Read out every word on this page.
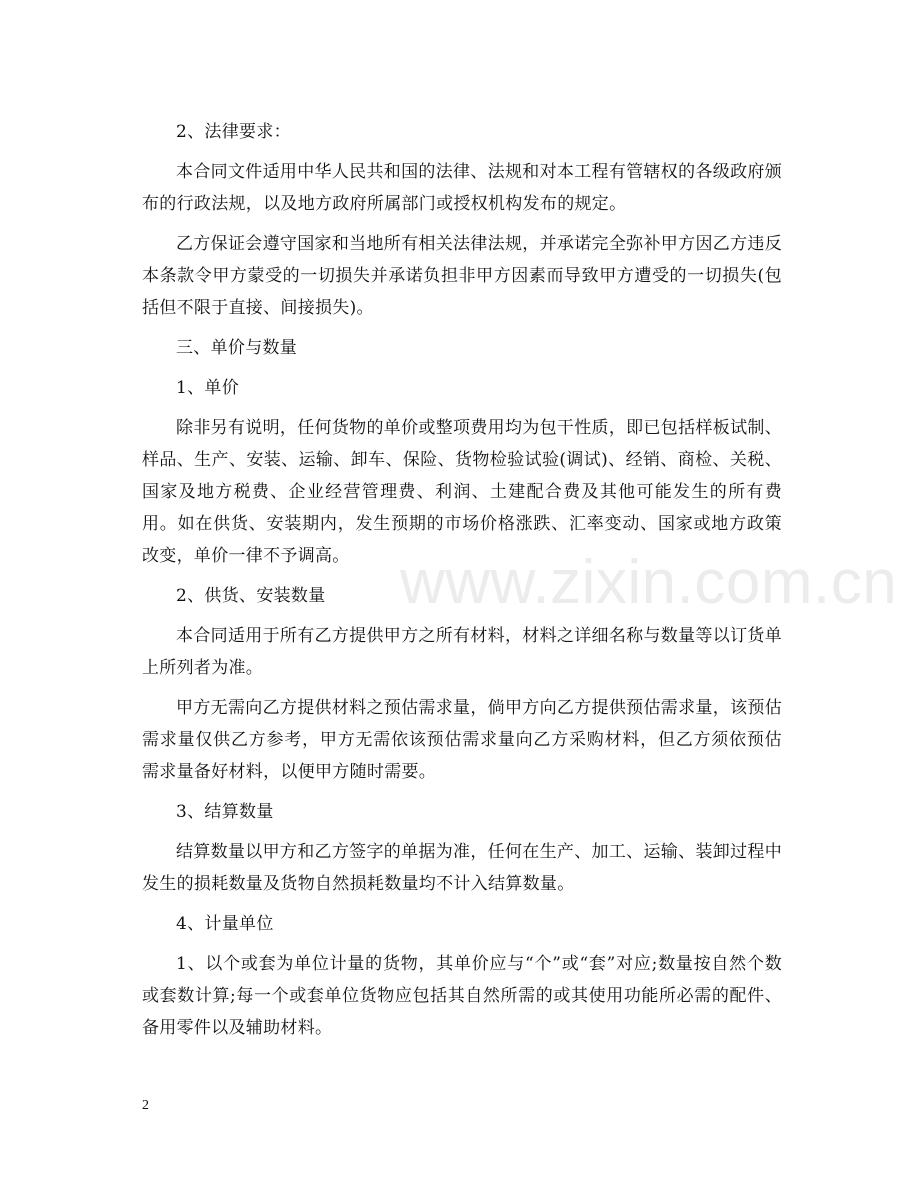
2、法律要求：

本合同文件适用中华人民共和国的法律、法规和对本工程有管辖权的各级政府颁布的行政法规，以及地方政府所属部门或授权机构发布的规定。

乙方保证会遵守国家和当地所有相关法律法规，并承诺完全弥补甲方因乙方违反本条款令甲方蒙受的一切损失并承诺负担非甲方因素而导致甲方遭受的一切损失(包括但不限于直接、间接损失)。

三、单价与数量

1、单价

除非另有说明，任何货物的单价或整项费用均为包干性质，即已包括样板试制、样品、生产、安装、运输、卸车、保险、货物检验试验(调试)、经销、商检、关税、国家及地方税费、企业经营管理费、利润、土建配合费及其他可能发生的所有费用。如在供货、安装期内，发生预期的市场价格涨跌、汇率变动、国家或地方政策改变，单价一律不予调高。

2、供货、安装数量

本合同适用于所有乙方提供甲方之所有材料，材料之详细名称与数量等以订货单上所列者为准。

甲方无需向乙方提供材料之预估需求量，倘甲方向乙方提供预估需求量，该预估需求量仅供乙方参考，甲方无需依该预估需求量向乙方采购材料，但乙方须依预估需求量备好材料，以便甲方随时需要。

3、结算数量

结算数量以甲方和乙方签字的单据为准，任何在生产、加工、运输、装卸过程中发生的损耗数量及货物自然损耗数量均不计入结算数量。

4、计量单位

1、以个或套为单位计量的货物，其单价应与“个”或“套”对应;数量按自然个数或套数计算;每一个或套单位货物应包括其自然所需的或其使用功能所必需的配件、备用零件以及辅助材料。

www.zixin.com.cn
2
